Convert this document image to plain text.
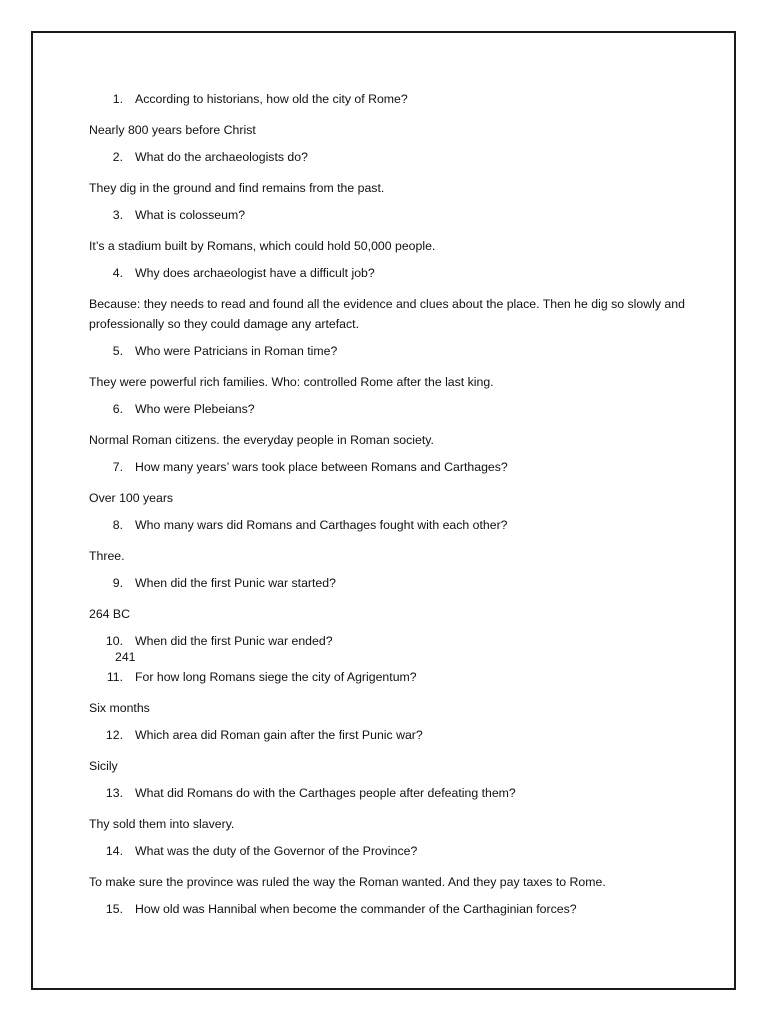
1. According to historians, how old the city of Rome?
Nearly 800 years before Christ
2. What do the archaeologists do?
They dig in the ground and find remains from the past.
3. What is colosseum?
It’s a stadium built by Romans, which could hold 50,000 people.
4. Why does archaeologist have a difficult job?
Because: they needs to read and found all the evidence and clues about the place. Then he dig so slowly and professionally so they could damage any artefact.
5. Who were Patricians in Roman time?
They were powerful rich families. Who: controlled Rome after the last king.
6. Who were Plebeians?
Normal Roman citizens. the everyday people in Roman society.
7. How many years’ wars took place between Romans and Carthages?
Over 100 years
8. Who many wars did Romans and Carthages fought with each other?
Three.
9. When did the first Punic war started?
264 BC
10. When did the first Punic war ended?
241
11. For how long Romans siege the city of Agrigentum?
Six months
12. Which area did Roman gain after the first Punic war?
Sicily
13. What did Romans do with the Carthages people after defeating them?
Thy sold them into slavery.
14. What was the duty of the Governor of the Province?
To make sure the province was ruled the way the Roman wanted. And they pay taxes to Rome.
15. How old was Hannibal when become the commander of the Carthaginian forces?
